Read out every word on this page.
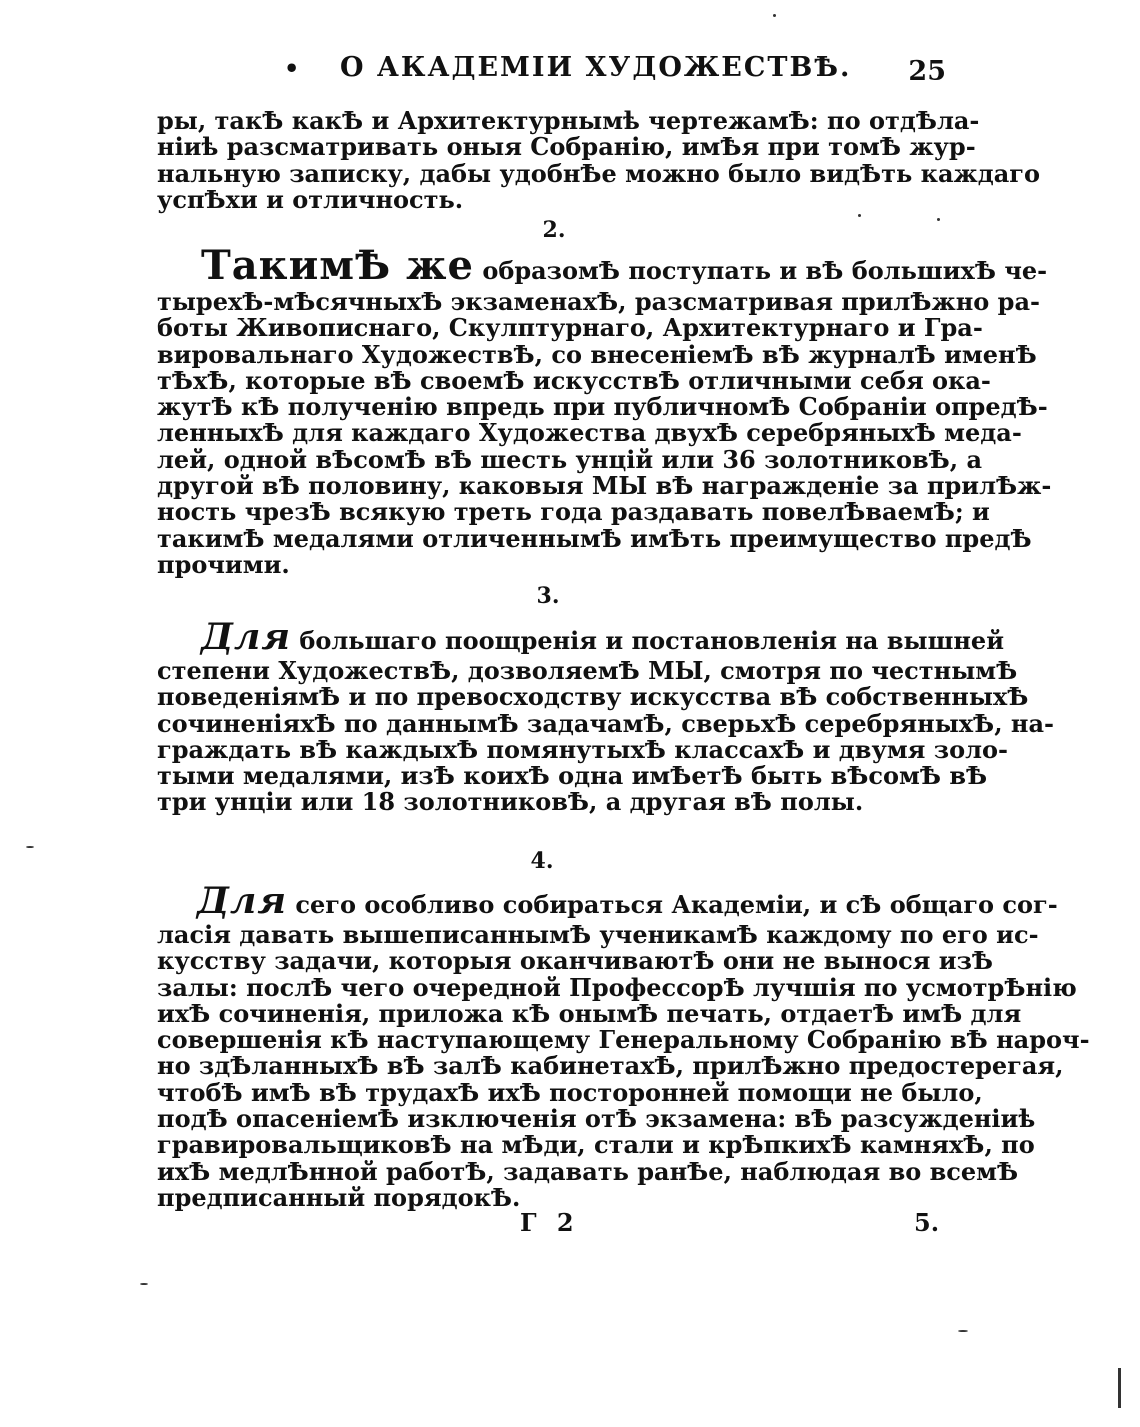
• О АКАДЕМІИ ХУДОЖЕСТВѢ. 25
ры, такѢ какѢ и Архитектурнымѣ чертежамѢ: по отдѢла-
ніиѣ разсматривать оныя Собранію, имѢя при томѢ жур-
нальную записку, дабы удобнѢе можно было видѢть каждаго
успѢхи и отличность.
2.
ТакимѢ же образомѢ поступать и вѢ большихѢ че-
тырехѢ-мѢсячныхѢ экзаменахѢ, разсматривая прилѢжно ра-
боты Живописнаго, Скулптурнаго, Архитектурнаго и Гра-
вировальнаго ХудожествѢ, со внесеніемѢ вѢ журналѢ именѢ
тѢхѢ, которые вѢ своемѢ искусствѢ отличными себя ока-
жутѢ кѢ полученію впредь при публичномѢ Собраніи опредѢ-
ленныхѢ для каждаго Художества двухѢ серебряныхѢ меда-
лей, одной вѢсомѢ вѢ шесть унцій или 36 золотниковѢ, а
другой вѢ половину, каковыя МЫ вѢ награжденіе за прилѢж-
ность чрезѢ всякую треть года раздавать повелѢваемѢ; и
такимѢ медалями отличеннымѢ имѢть преимущество предѢ
прочими.
3.
Для большаго поощренія и постановленія на вышней
степени ХудожествѢ, дозволяемѢ МЫ, смотря по честнымѢ
поведеніямѢ и по превосходству искусства вѢ собственныхѢ
сочиненіяхѢ по даннымѢ задачамѢ, сверьхѢ серебряныхѢ, на-
граждать вѢ каждыхѢ помянутыхѢ классахѢ и двумя золо-
тыми медалями, изѢ коихѢ одна имѢетѢ быть вѢсомѢ вѢ
три унціи или 18 золотниковѢ, а другая вѢ полы.
4.
Для сего особливо собираться Академіи, и сѢ общаго сог-
ласія давать вышеписаннымѢ ученикамѢ каждому по его ис-
кусству задачи, которыя оканчиваютѢ они не вынося изѢ
залы: послѢ чего очередной ПрофессорѢ лучшія по усмотрѢнію
ихѢ сочиненія, приложа кѢ онымѢ печать, отдаетѢ имѢ для
совершенія кѢ наступающему Генеральному Собранію вѢ нароч-
но здѢланныхѢ вѢ залѢ кабинетахѢ, прилѢжно предостерегая,
чтобѢ имѢ вѢ трудахѢ ихѢ посторонней помощи не было,
подѢ опасеніемѢ изключенія отѢ экзамена: вѢ разсужденіиѣ
гравировальщиковѢ на мѢди, стали и крѢпкихѢ камняхѢ, по
ихѢ медлѢнной работѢ, задавать ранѢе, наблюдая во всемѢ
предписанный порядокѢ.
Г 2	5.
